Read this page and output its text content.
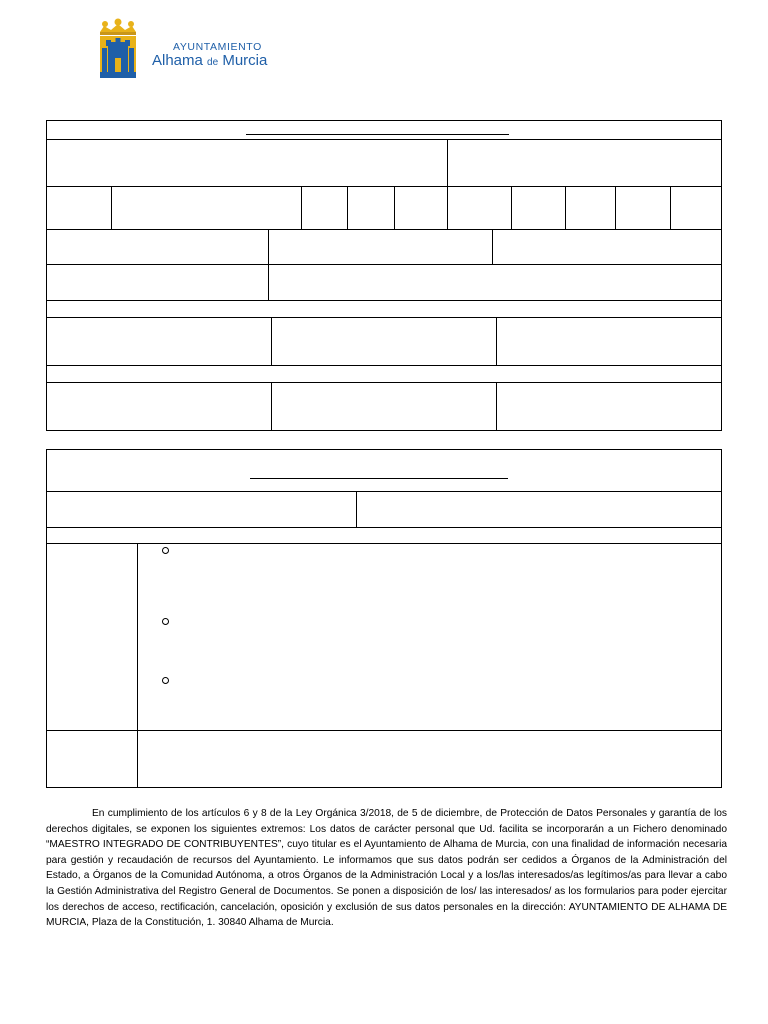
AYUNTAMIENTO
Alhama de Murcia
En cumplimiento de los artículos 6 y 8 de la Ley Orgánica 3/2018, de 5 de diciembre, de Protección de Datos Personales y garantía de los derechos digitales, se exponen los siguientes extremos: Los datos de carácter personal que Ud. facilita se incorporarán a un Fichero denominado “MAESTRO INTEGRADO DE CONTRIBUYENTES”, cuyo titular es el Ayuntamiento de Alhama de Murcia, con una finalidad de información necesaria para gestión y recaudación de recursos del Ayuntamiento. Le informamos que sus datos podrán ser cedidos a Órganos de la Administración del Estado, a Órganos de la Comunidad Autónoma, a otros Órganos de la Administración Local y a los/las interesados/as legítimos/as para llevar a cabo la Gestión Administrativa del Registro General de Documentos. Se ponen a disposición de los/ las interesados/ as los formularios para poder ejercitar los derechos de acceso, rectificación, cancelación, oposición y exclusión de sus datos personales en la dirección: AYUNTAMIENTO DE ALHAMA DE MURCIA, Plaza de la Constitución, 1. 30840 Alhama de Murcia.
